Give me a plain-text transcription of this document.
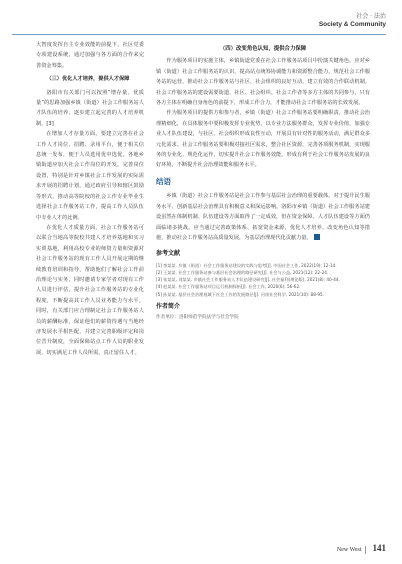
社会 · 法治
Society & Community

大智度发挥自主专业效能的前提下，社区党委专项建设系统，通过加强与各方面的合作来完善资金筹集。

（三）优化人才培养，提供人才保障

洛阳市有关部门可以按照“增存量、优质量”的思路加强乡镇（街道）社会工作服务站人才队伍的培养，逐步建立起完善的人才培养机制。[3]

在增加人才存量方面，要建立完善在社会工作人才岗位、招聘、录用平台，便于相关信息统一发布，便于人员选用优中选优。各地乡镇街道应加大社会工作岗位的开发，完善岗位设置，特别是针对乡镇社会工作发展的实际需求开展的招聘计划，通过政府引导和辖区鼓励等形式，推动高等院校的社会工作专业毕业生选择社会工作服务站工作，提高工作人员队伍中专业人才的比例。

在优化人才质量方面，社会工作服务站可以联合当地高等院校共建人才培养基地和实习实训基地，利用高校专业的师资力量和资源对社会工作服务站的现有工作人员开展定期的继续教育培训和指导，帮助他们了解社会工作前沿理论与实务，同时邀请专家学者对现有工作人员进行评估，提升社会工作服务站的专业化程度，不断提高其工作人员业务能力与水平。同时，有关部门应合理制定社会工作服务站人员的薪酬标准，保证他们的薪资待遇与当地经济发展水平相匹配，并建立完善职级评定和岗位晋升制度，全面保障站点工作人员的职业发展，切实满足工作人员所需，真正留住人才。

（四）改变角色认知，提供合力保障

作为服务项目的实施主体，乡镇街道党委在社会工作服务站项目中扮演关键角色，应对乡镇（街道）社会工作服务站的认识，提高站点统筹协调能力和资源整合能力，规范社会工作服务站的运营，推动社会工作服务站与社区、社会组织的良好互动，建立有效的合作联动机制。社会工作服务站的建设需要街道、社区、社会组织、社会工作者等多方主体的共同参与，只有各方主体在明确自身角色的前提下，形成工作合力，才能推动社会工作服务站的长效发展。

作为服务项目的提供方和参与者，乡镇（街道）社会工作服务站要明确职责，推动社会治理精细化，在具体服务中要积极发挥专业优势，以专业方法服务群众，发挥专业价值，加强专业人才队伍建设，与社区、社会组织形成良性互动，开展具有针对性的服务活动，满足群众多元化需求。社会工作服务站要积极对接社区需求，整合社区资源，完善各项服务机制，实现服务的专业化、规范化运作，切实提升社会工作服务效能，形成有利于社会工作服务站发展的良好环境，不断提升社会治理效能和服务水平。

结语

乡镇（街道）社会工作服务站是社会工作参与基层社会治理的重要载体。对于提升民生服务水平、创新基层社会治理具有积极意义和深远影响。洛阳市乡镇（街道）社会工作服务站建设虽然在体制机制、队伍建设等方面取得了一定成效，但在资金保障、人才队伍建设等方面仍面临诸多挑战。应当通过完善政策体系、拓宽资金来源、优化人才培养、改变角色认知等措施，推动社会工作服务站高质量发展，为基层治理现代化贡献力量。	N

参考文献
[1] 李某某. 乡镇（街道）社会工作服务站建设的实践与思考[J]. 中国社会工作, 2022(19): 12-14.
[2] 王某某. 社会工作服务站参与基层社会治理的路径研究[J]. 社会与公益, 2021(12): 22-24.
[3] 张某某, 刘某某. 乡镇社会工作服务站人才队伍建设研究[J]. 社会福利(理论版), 2021(8): 40-44.
[4] 赵某某. 社会工作服务站项目运行机制探析[J]. 社会工作, 2020(6): 56-62.
[5] 孙某某. 基层社会治理视域下社会工作的发展路径[J]. 河南社会科学, 2021(10): 88-95.
作者简介

作者单位：洛阳师范学院法学与社会学院

New West 141
